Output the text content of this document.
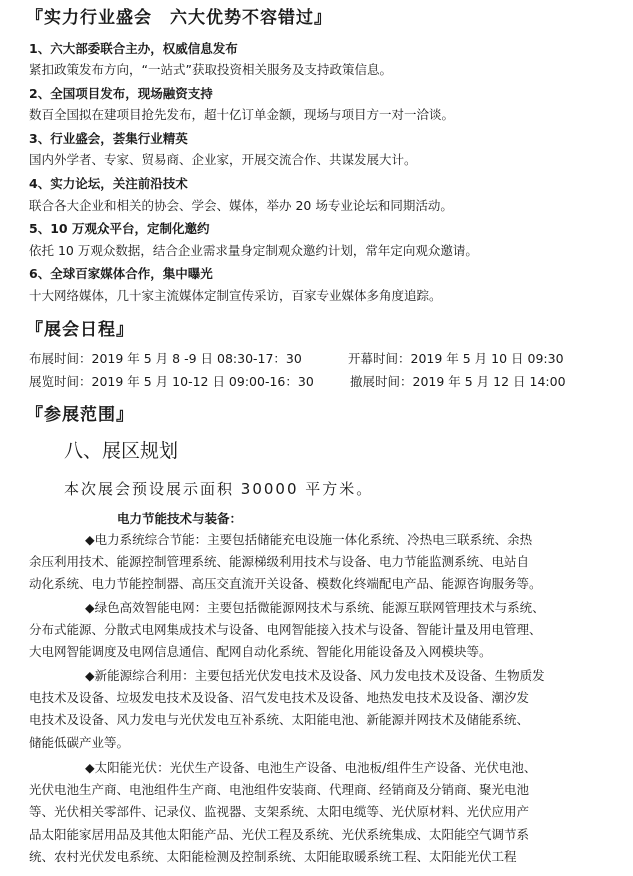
『实力行业盛会　六大优势不容错过』
1、六大部委联合主办，权威信息发布
紧扣政策发布方向，“一站式”获取投资相关服务及支持政策信息。
2、全国项目发布，现场融资支持
数百全国拟在建项目抢先发布，超十亿订单金额，现场与项目方一对一洽谈。
3、行业盛会，荟集行业精英
国内外学者、专家、贸易商、企业家，开展交流合作、共谋发展大计。
4、实力论坛，关注前沿技术
联合各大企业和相关的协会、学会、媒体，举办 20 场专业论坛和同期活动。
5、10 万观众平台，定制化邀约
依托 10 万观众数据，结合企业需求量身定制观众邀约计划，常年定向观众邀请。
6、全球百家媒体合作，集中曝光
十大网络媒体，几十家主流媒体定制宣传采访，百家专业媒体多角度追踪。
『展会日程』
布展时间：2019 年 5 月 8 -9 日 08:30-17：30	开幕时间：2019 年 5 月 10 日 09:30
展览时间：2019 年 5 月 10-12 日 09:00-16：30	撤展时间：2019 年 5 月 12 日 14:00
『参展范围』
八、展区规划
本次展会预设展示面积 30000 平方米。
电力节能技术与装备：

◆电力系统综合节能：主要包括储能充电设施一体化系统、冷热电三联系统、余热

余压利用技术、能源控制管理系统、能源梯级利用技术与设备、电力节能监测系统、电站自

动化系统、电力节能控制器、高压交直流开关设备、模数化终端配电产品、能源咨询服务等。

◆绿色高效智能电网：主要包括微能源网技术与系统、能源互联网管理技术与系统、

分布式能源、分散式电网集成技术与设备、电网智能接入技术与设备、智能计量及用电管理、

大电网智能调度及电网信息通信、配网自动化系统、智能化用能设备及入网模块等。

◆新能源综合利用：主要包括光伏发电技术及设备、风力发电技术及设备、生物质发

电技术及设备、垃圾发电技术及设备、沼气发电技术及设备、地热发电技术及设备、潮汐发

电技术及设备、风力发电与光伏发电互补系统、太阳能电池、新能源并网技术及储能系统、

储能低碳产业等。

◆太阳能光伏：光伏生产设备、电池生产设备、电池板/组件生产设备、光伏电池、

光伏电池生产商、电池组件生产商、电池组件安装商、代理商、经销商及分销商、聚光电池

等、光伏相关零部件、记录仪、监视器、支架系统、太阳电缆等、光伏原材料、光伏应用产

品太阳能家居用品及其他太阳能产品、光伏工程及系统、光伏系统集成、太阳能空气调节系

统、农村光伏发电系统、太阳能检测及控制系统、太阳能取暖系统工程、太阳能光伏工程
